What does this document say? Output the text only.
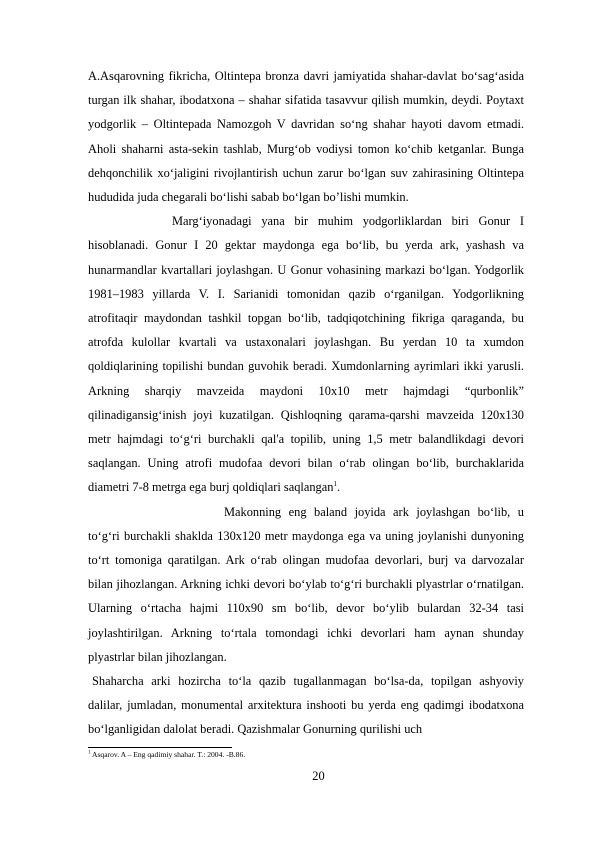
A.Asqarovning fikricha, Oltintepa bronza davri jamiyatida shahar-davlat bo‘sag‘asida turgan ilk shahar, ibodatxona – shahar sifatida tasavvur qilish mumkin, deydi. Poytaxt yodgorlik – Oltintepada Namozgoh V davridan so‘ng shahar hayoti davom etmadi. Aholi shaharni asta-sekin tashlab, Murg‘ob vodiysi tomon ko‘chib ketganlar. Bunga dehqonchilik xo‘jaligini rivojlantirish uchun zarur bo‘lgan suv zahirasining Oltintepa hududida juda chegarali bo‘lishi sabab bo‘lgan bo’lishi mumkin.

Marg‘iyonadagi yana bir muhim yodgorliklardan biri Gonur I hisoblanadi. Gonur I 20 gektar maydonga ega bo‘lib, bu yerda ark, yashash va hunarmandlar kvartallari joylashgan. U Gonur vohasining markazi bo‘lgan. Yodgorlik 1981–1983 yillarda V. I. Sarianidi tomonidan qazib o‘rganilgan. Yodgorlikning atrofitaqir maydondan tashkil topgan bo‘lib, tadqiqotchining fikriga qaraganda, bu atrofda kulollar kvartali va ustaxonalari joylashgan. Bu yerdan 10 ta xumdon qoldiqlarining topilishi bundan guvohik beradi. Xumdonlarning ayrimlari ikki yarusli. Arkning sharqiy mavzeida maydoni 10x10 metr hajmdagi “qurbonlik” qilinadigansig‘inish joyi kuzatilgan. Qishloqning qarama-qarshi mavzeida 120x130 metr hajmdagi to‘g‘ri burchakli qal'a topilib, uning 1,5 metr balandlikdagi devori saqlangan. Uning atrofi mudofaa devori bilan o‘rab olingan bo‘lib, burchaklarida diametri 7-8 metrga ega burj qoldiqlari saqlangan$^1$.

Makonning eng baland joyida ark joylashgan bo‘lib, u to‘g‘ri burchakli shaklda 130x120 metr maydonga ega va uning joylanishi dunyoning to‘rt tomoniga qaratilgan. Ark o‘rab olingan mudofaa devorlari, burj va darvozalar bilan jihozlangan. Arkning ichki devori bo‘ylab to‘g‘ri burchakli plyastrlar o‘rnatilgan. Ularning o‘rtacha hajmi 110x90 sm bo‘lib, devor bo‘ylib bulardan 32-34 tasi joylashtirilgan. Arkning to‘rtala tomondagi ichki devorlari ham aynan shunday plyastrlar bilan jihozlangan.

Shaharcha arki hozircha to‘la qazib tugallanmagan bo‘lsa-da, topilgan ashyoviy dalilar, jumladan, monumental arxitektura inshooti bu yerda eng qadimgi ibodatxona bo‘lganligidan dalolat beradi. Qazishmalar Gonurning qurilishi uch

$^1$ Asqarov. A – Eng qadimiy shahar. T.: 2004. -B.86.
20
